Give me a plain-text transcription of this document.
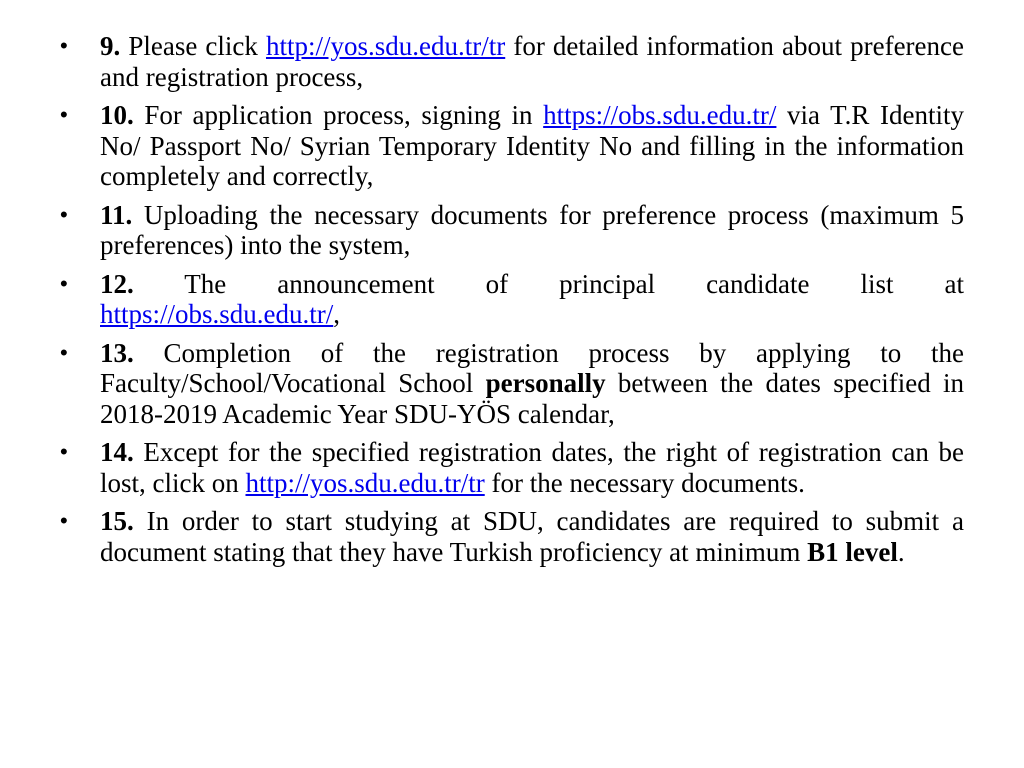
•	9. Please click http://yos.sdu.edu.tr/tr for detailed information about preference and registration process,
•	10. For application process, signing in https://obs.sdu.edu.tr/ via T.R Identity No/ Passport No/ Syrian Temporary Identity No and filling in the information completely and correctly,
•	11. Uploading the necessary documents for preference process (maximum 5 preferences) into the system,
•	12. The announcement of principal candidate list at
https://obs.sdu.edu.tr/,
•	13. Completion of the registration process by applying to the Faculty/School/Vocational School personally between the dates specified in 2018-2019 Academic Year SDU-YÖS calendar,
•	14. Except for the specified registration dates, the right of registration can be lost, click on http://yos.sdu.edu.tr/tr for the necessary documents.
•	15. In order to start studying at SDU, candidates are required to submit a document stating that they have Turkish proficiency at minimum B1 level.
